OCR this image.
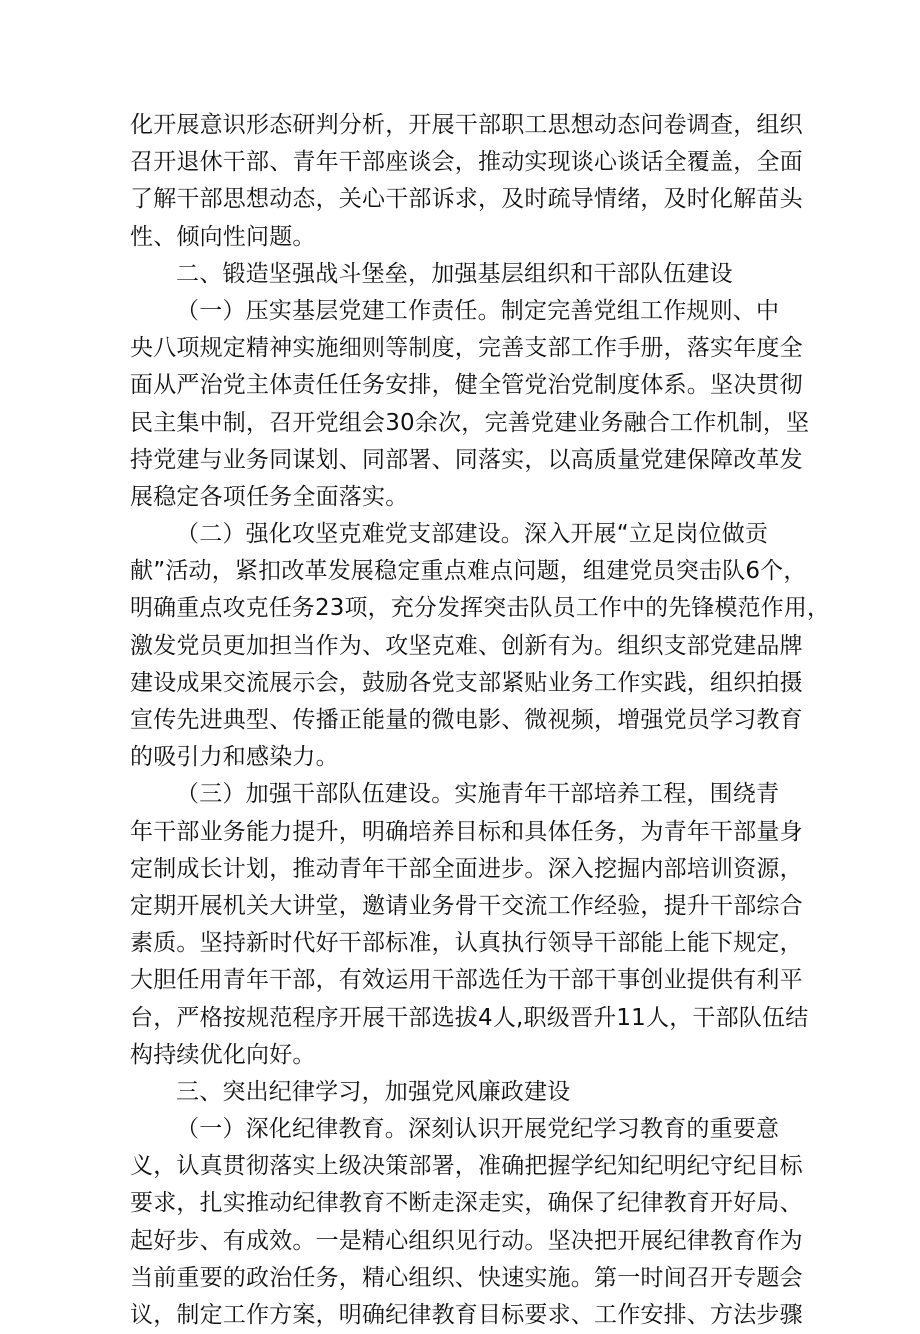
化开展意识形态研判分析，开展干部职工思想动态问卷调查，组织
召开退休干部、青年干部座谈会，推动实现谈心谈话全覆盖，全面
了解干部思想动态，关心干部诉求，及时疏导情绪，及时化解苗头
性、倾向性问题。
二、锻造坚强战斗堡垒，加强基层组织和干部队伍建设
（一）压实基层党建工作责任。制定完善党组工作规则、中
央八项规定精神实施细则等制度，完善支部工作手册，落实年度全
面从严治党主体责任任务安排，健全管党治党制度体系。坚决贯彻
民主集中制，召开党组会30余次，完善党建业务融合工作机制，坚
持党建与业务同谋划、同部署、同落实，以高质量党建保障改革发
展稳定各项任务全面落实。
（二）强化攻坚克难党支部建设。深入开展“立足岗位做贡
献”活动，紧扣改革发展稳定重点难点问题，组建党员突击队6个，
明确重点攻克任务23项，充分发挥突击队员工作中的先锋模范作用，
激发党员更加担当作为、攻坚克难、创新有为。组织支部党建品牌
建设成果交流展示会，鼓励各党支部紧贴业务工作实践，组织拍摄
宣传先进典型、传播正能量的微电影、微视频，增强党员学习教育
的吸引力和感染力。
（三）加强干部队伍建设。实施青年干部培养工程，围绕青
年干部业务能力提升，明确培养目标和具体任务，为青年干部量身
定制成长计划，推动青年干部全面进步。深入挖掘内部培训资源，
定期开展机关大讲堂，邀请业务骨干交流工作经验，提升干部综合
素质。坚持新时代好干部标准，认真执行领导干部能上能下规定，
大胆任用青年干部，有效运用干部选任为干部干事创业提供有利平
台，严格按规范程序开展干部选拔4人,职级晋升11人，干部队伍结
构持续优化向好。
三、突出纪律学习，加强党风廉政建设
（一）深化纪律教育。深刻认识开展党纪学习教育的重要意
义，认真贯彻落实上级决策部署，准确把握学纪知纪明纪守纪目标
要求，扎实推动纪律教育不断走深走实，确保了纪律教育开好局、
起好步、有成效。一是精心组织见行动。坚决把开展纪律教育作为
当前重要的政治任务，精心组织、快速实施。第一时间召开专题会
议，制定工作方案，明确纪律教育目标要求、工作安排、方法步骤
